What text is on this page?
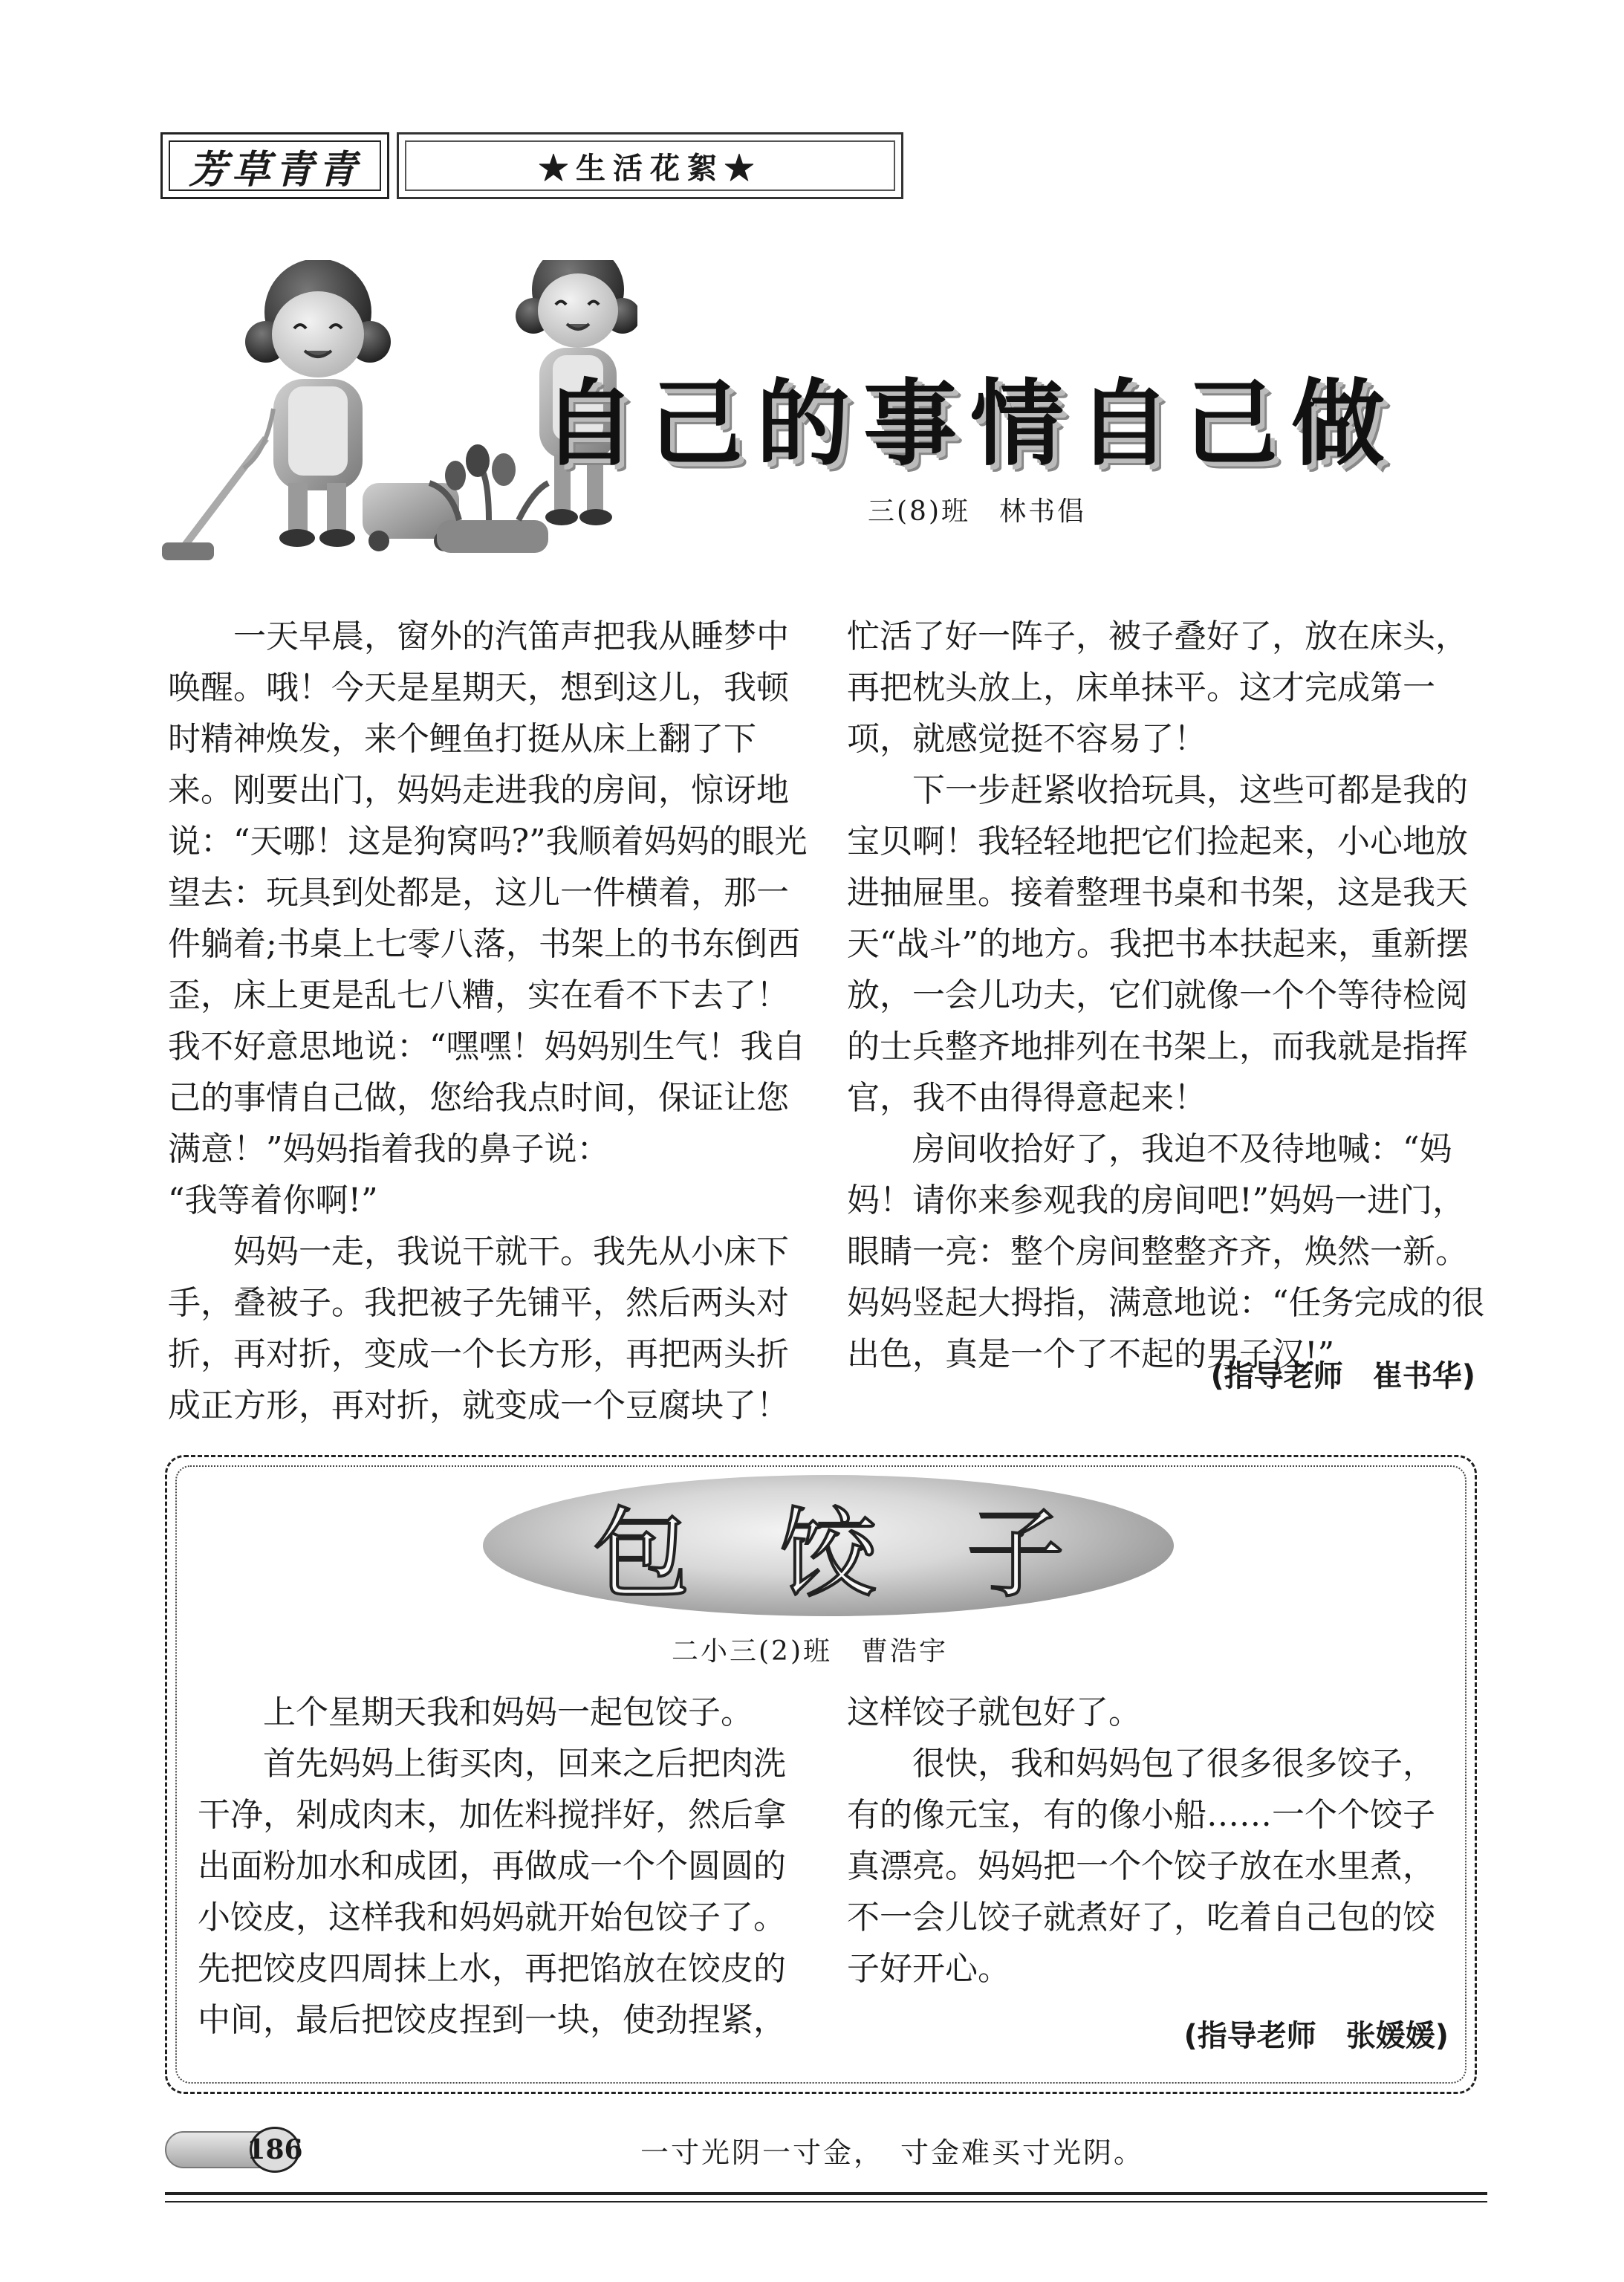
芳草青青	★生活花絮★
自己的事情自己做
三(8)班　林书倡

一天早晨，窗外的汽笛声把我从睡梦中唤醒。哦！今天是星期天，想到这儿，我顿时精神焕发，来个鲤鱼打挺从床上翻了下来。刚要出门，妈妈走进我的房间，惊讶地说：“天哪！这是狗窝吗?”我顺着妈妈的眼光望去：玩具到处都是，这儿一件横着，那一件躺着;书桌上七零八落，书架上的书东倒西歪，床上更是乱七八糟，实在看不下去了！我不好意思地说：“嘿嘿！妈妈别生气！我自己的事情自己做，您给我点时间，保证让您满意！”妈妈指着我的鼻子说：

“我等着你啊!”

妈妈一走，我说干就干。我先从小床下手，叠被子。我把被子先铺平，然后两头对折，再对折，变成一个长方形，再把两头折成正方形，再对折，就变成一个豆腐块了！

忙活了好一阵子，被子叠好了，放在床头，再把枕头放上，床单抹平。这才完成第一项，就感觉挺不容易了！

下一步赶紧收拾玩具，这些可都是我的宝贝啊！我轻轻地把它们捡起来，小心地放进抽屉里。接着整理书桌和书架，这是我天天“战斗”的地方。我把书本扶起来，重新摆放，一会儿功夫，它们就像一个个等待检阅的士兵整齐地排列在书架上，而我就是指挥官，我不由得得意起来！

房间收拾好了，我迫不及待地喊：“妈妈！请你来参观我的房间吧!”妈妈一进门，眼睛一亮：整个房间整整齐齐，焕然一新。妈妈竖起大拇指，满意地说：“任务完成的很出色，真是一个了不起的男子汉!”

(指导老师　崔书华)
包饺子
二小三(2)班　曹浩宇

上个星期天我和妈妈一起包饺子。

首先妈妈上街买肉，回来之后把肉洗干净，剁成肉末，加佐料搅拌好，然后拿出面粉加水和成团，再做成一个个圆圆的小饺皮，这样我和妈妈就开始包饺子了。先把饺皮四周抹上水，再把馅放在饺皮的中间，最后把饺皮捏到一块，使劲捏紧，

这样饺子就包好了。

很快，我和妈妈包了很多很多饺子，有的像元宝，有的像小船……一个个饺子真漂亮。妈妈把一个个饺子放在水里煮，不一会儿饺子就煮好了，吃着自己包的饺子好开心。

(指导老师　张媛媛)
186	一寸光阴一寸金，　寸金难买寸光阴。
